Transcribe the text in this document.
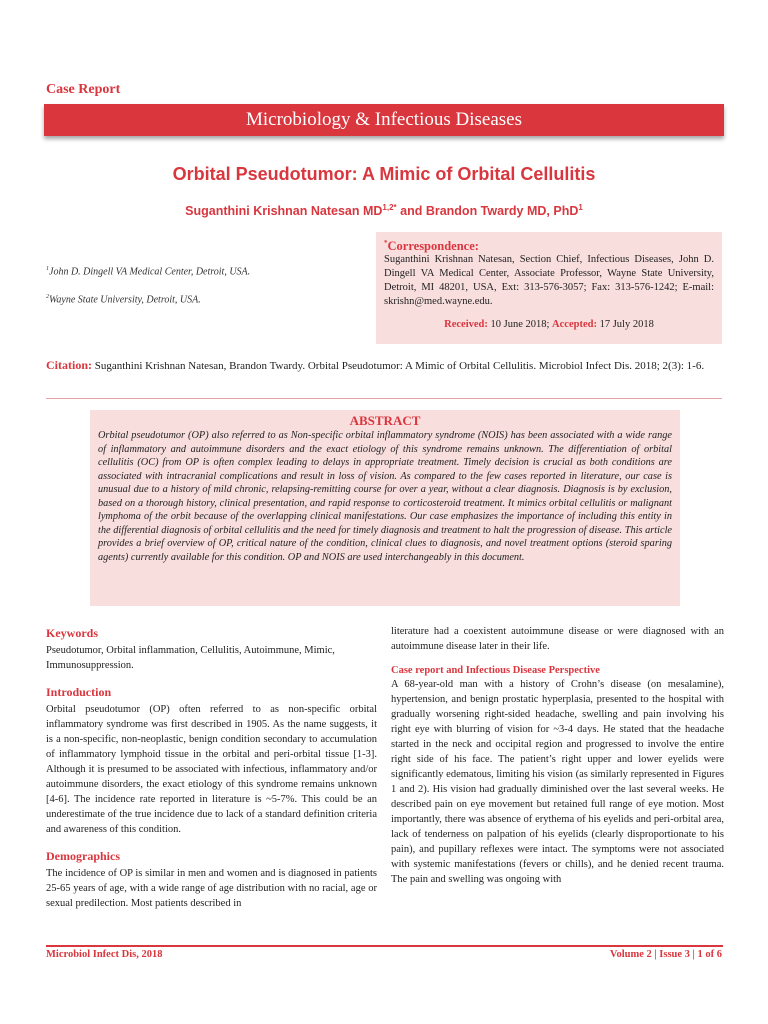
Case Report
Microbiology & Infectious Diseases
Orbital Pseudotumor: A Mimic of Orbital Cellulitis
Suganthini Krishnan Natesan $MD^{1,2*}$ and Brandon Twardy MD, PhD$^1$
$^1$John D. Dingell VA Medical Center, Detroit, USA.
$^2$Wayne State University, Detroit, USA.
*Correspondence:
Suganthini Krishnan Natesan, Section Chief, Infectious Diseases, John D. Dingell VA Medical Center, Associate Professor, Wayne State University, Detroit, MI 48201, USA, Ext: 313-576-3057; Fax: 313-576-1242; E-mail: skrishn@med.wayne.edu.
Received: 10 June 2018; Accepted: 17 July 2018
Citation: Suganthini Krishnan Natesan, Brandon Twardy. Orbital Pseudotumor: A Mimic of Orbital Cellulitis. Microbiol Infect Dis. 2018; 2(3): 1-6.
ABSTRACT
Orbital pseudotumor (OP) also referred to as Non-specific orbital inflammatory syndrome (NOIS) has been associated with a wide range of inflammatory and autoimmune disorders and the exact etiology of this syndrome remains unknown. The differentiation of orbital cellulitis (OC) from OP is often complex leading to delays in appropriate treatment. Timely decision is crucial as both conditions are associated with intracranial complications and result in loss of vision. As compared to the few cases reported in literature, our case is unusual due to a history of mild chronic, relapsing-remitting course for over a year, without a clear diagnosis. Diagnosis is by exclusion, based on a thorough history, clinical presentation, and rapid response to corticosteroid treatment. It mimics orbital cellulitis or malignant lymphoma of the orbit because of the overlapping clinical manifestations. Our case emphasizes the importance of including this entity in the differential diagnosis of orbital cellulitis and the need for timely diagnosis and treatment to halt the progression of disease. This article provides a brief overview of OP, critical nature of the condition, clinical clues to diagnosis, and novel treatment options (steroid sparing agents) currently available for this condition. OP and NOIS are used interchangeably in this document.
Keywords
Pseudotumor, Orbital inflammation, Cellulitis, Autoimmune, Mimic, Immunosuppression.
Introduction
Orbital pseudotumor (OP) often referred to as non-specific orbital inflammatory syndrome was first described in 1905. As the name suggests, it is a non-specific, non-neoplastic, benign condition secondary to accumulation of inflammatory lymphoid tissue in the orbital and peri-orbital tissue [1-3]. Although it is presumed to be associated with infectious, inflammatory and/or autoimmune disorders, the exact etiology of this syndrome remains unknown [4-6]. The incidence rate reported in literature is ~5-7%. This could be an underestimate of the true incidence due to lack of a standard definition criteria and awareness of this condition.
Demographics
The incidence of OP is similar in men and women and is diagnosed in patients 25-65 years of age, with a wide range of age distribution with no racial, age or sexual predilection. Most patients described in
literature had a coexistent autoimmune disease or were diagnosed with an autoimmune disease later in their life.
Case report and Infectious Disease Perspective
A 68-year-old man with a history of Crohn’s disease (on mesalamine), hypertension, and benign prostatic hyperplasia, presented to the hospital with gradually worsening right-sided headache, swelling and pain involving his right eye with blurring of vision for ~3-4 days. He stated that the headache started in the neck and occipital region and progressed to involve the entire right side of his face. The patient’s right upper and lower eyelids were significantly edematous, limiting his vision (as similarly represented in Figures 1 and 2). His vision had gradually diminished over the last several weeks. He described pain on eye movement but retained full range of eye motion. Most importantly, there was absence of erythema of his eyelids and peri-orbital area, lack of tenderness on palpation of his eyelids (clearly disproportionate to his pain), and pupillary reflexes were intact. The symptoms were not associated with systemic manifestations (fevers or chills), and he denied recent trauma. The pain and swelling was ongoing with
Microbiol Infect Dis, 2018	Volume 2 | Issue 3 | 1 of 6
